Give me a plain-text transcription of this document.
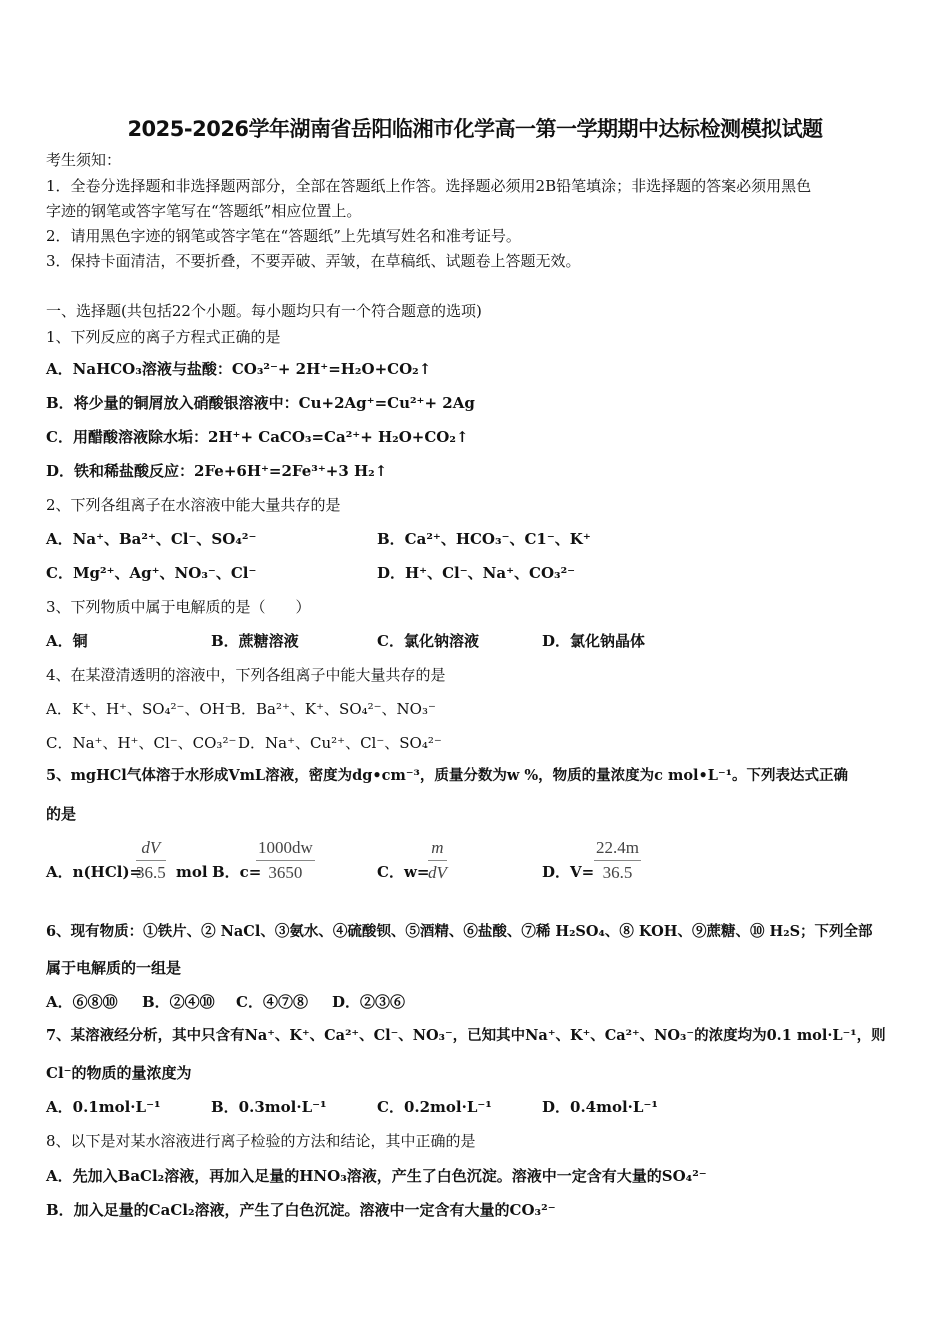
2025-2026学年湖南省岳阳临湘市化学高一第一学期期中达标检测模拟试题
考生须知：
1．全卷分选择题和非选择题两部分，全部在答题纸上作答。选择题必须用2B铅笔填涂；非选择题的答案必须用黑色
字迹的钢笔或答字笔写在“答题纸”相应位置上。
2．请用黑色字迹的钢笔或答字笔在“答题纸”上先填写姓名和准考证号。
3．保持卡面清洁，不要折叠，不要弄破、弄皱，在草稿纸、试题卷上答题无效。
一、选择题(共包括22个小题。每小题均只有一个符合题意的选项)
1、下列反应的离子方程式正确的是
A．NaHCO₃溶液与盐酸：CO₃²⁻+ 2H⁺=H₂O+CO₂↑
B．将少量的铜屑放入硝酸银溶液中：Cu+2Ag⁺=Cu²⁺+ 2Ag
C．用醋酸溶液除水垢：2H⁺+ CaCO₃=Ca²⁺+ H₂O+CO₂↑
D．铁和稀盐酸反应：2Fe+6H⁺=2Fe³⁺+3 H₂↑
2、下列各组离子在水溶液中能大量共存的是
A．Na⁺、Ba²⁺、Cl⁻、SO₄²⁻	B．Ca²⁺、HCO₃⁻、C1⁻、K⁺
C．Mg²⁺、Ag⁺、NO₃⁻、Cl⁻	D．H⁺、Cl⁻、Na⁺、CO₃²⁻
3、下列物质中属于电解质的是（　　）
A．铜	B．蔗糖溶液	C．氯化钠溶液	D．氯化钠晶体
4、在某澄清透明的溶液中，下列各组离子中能大量共存的是
A．K⁺、H⁺、SO₄²⁻、OH⁻
B．Ba²⁺、K⁺、SO₄²⁻、NO₃⁻
C．Na⁺、H⁺、Cl⁻、CO₃²⁻ D．Na⁺、Cu²⁺、Cl⁻、SO₄²⁻
5、mgHCl气体溶于水形成VmL溶液，密度为dg•cm⁻³，质量分数为w %，物质的量浓度为c mol•L⁻¹。下列表达式正确
的是
A．n(HCl)=
$\frac{dV}{36.5}$ mol B．c=
$\frac{1000dw}{3650}$	C．w=
$\frac{m}{dV}$	D．$V= \frac{22.4m}{36.5}$
6、现有物质：①铁片、② NaCl、③氨水、④硫酸钡、⑤酒精、⑥盐酸、⑦稀 H₂SO₄、⑧ KOH、⑨蔗糖、⑩ H₂S；下列全部
属于电解质的一组是
A．⑥⑧⑩ B．②④⑩ C．④⑦⑧ D．②③⑥
7、某溶液经分析，其中只含有Na⁺、K⁺、Ca²⁺、Cl⁻、NO₃⁻，已知其中Na⁺、K⁺、Ca²⁺、NO₃⁻的浓度均为0.1 mol·L⁻¹，则
Cl⁻的物质的量浓度为
A．0.1mol·L⁻¹	B．0.3mol·L⁻¹	C．0.2mol·L⁻¹	D．0.4mol·L⁻¹
8、以下是对某水溶液进行离子检验的方法和结论，其中正确的是
A．先加入BaCl₂溶液，再加入足量的HNO₃溶液，产生了白色沉淀。溶液中一定含有大量的SO₄²⁻
B．加入足量的CaCl₂溶液，产生了白色沉淀。溶液中一定含有大量的CO₃²⁻
